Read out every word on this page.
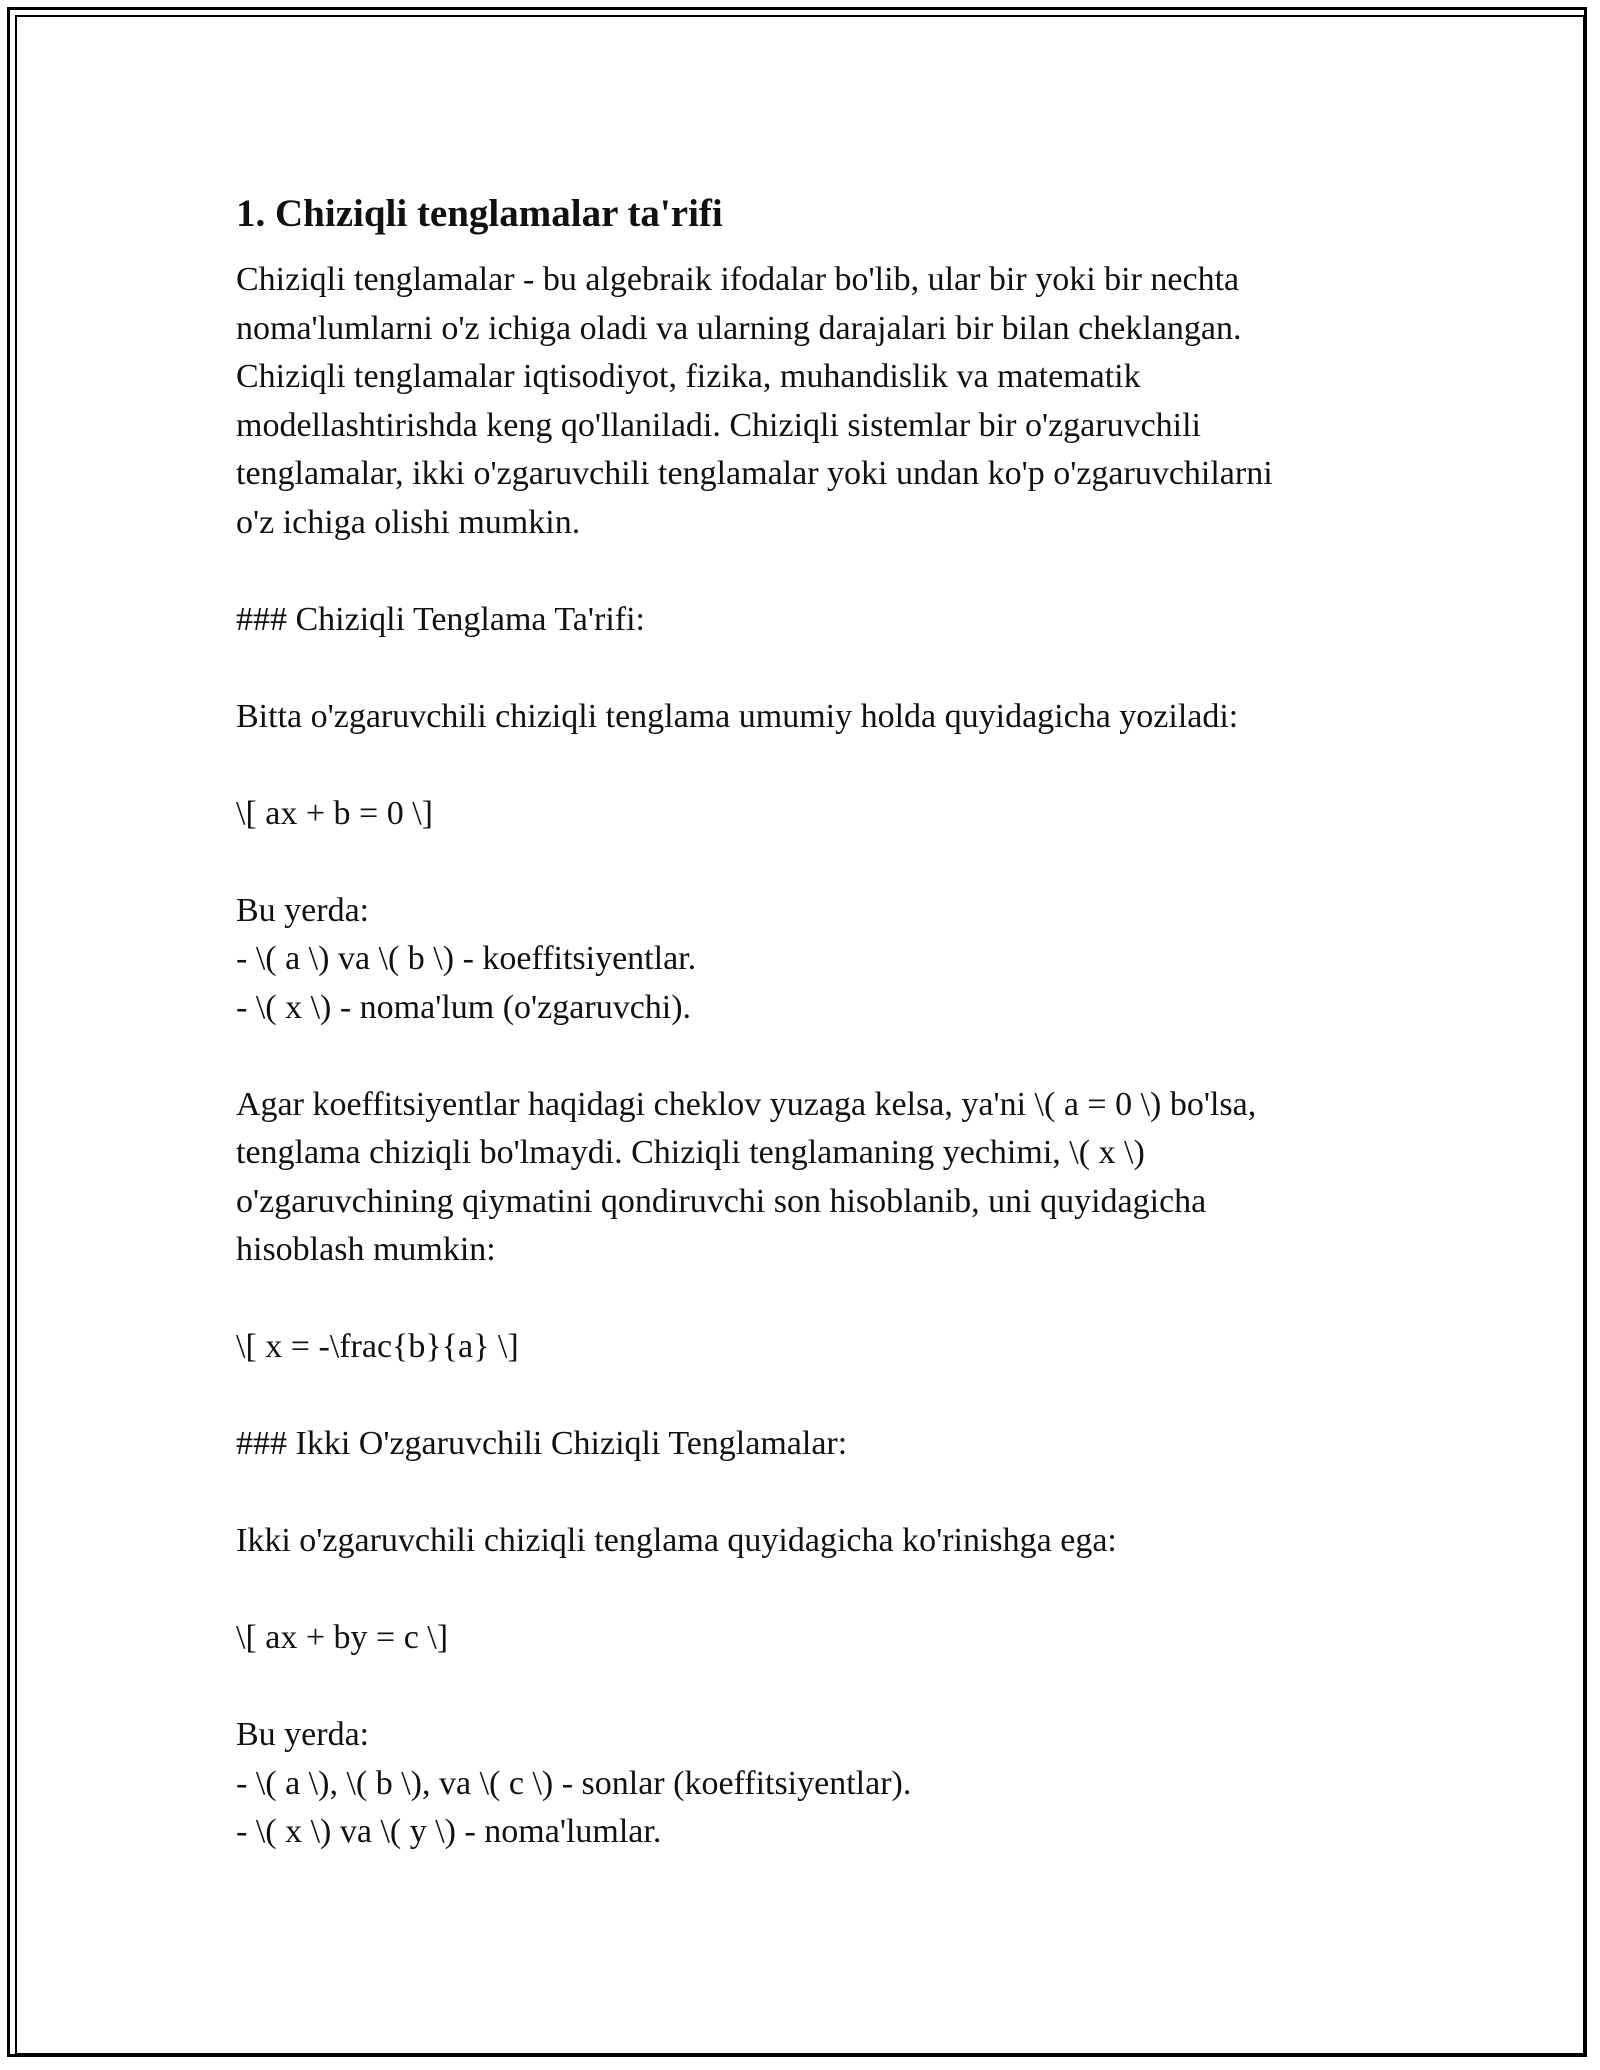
1. Chiziqli tenglamalar ta'rifi
Chiziqli tenglamalar - bu algebraik ifodalar bo'lib, ular bir yoki bir nechta
noma'lumlarni o'z ichiga oladi va ularning darajalari bir bilan cheklangan.
Chiziqli tenglamalar iqtisodiyot, fizika, muhandislik va matematik
modellashtirishda keng qo'llaniladi. Chiziqli sistemlar bir o'zgaruvchili
tenglamalar, ikki o'zgaruvchili tenglamalar yoki undan ko'p o'zgaruvchilarni
o'z ichiga olishi mumkin.
### Chiziqli Tenglama Ta'rifi:
Bitta o'zgaruvchili chiziqli tenglama umumiy holda quyidagicha yoziladi:
\[ ax + b = 0 \]
Bu yerda:
- \( a \) va \( b \) - koeffitsiyentlar.
- \( x \) - noma'lum (o'zgaruvchi).
Agar koeffitsiyentlar haqidagi cheklov yuzaga kelsa, ya'ni \( a = 0 \) bo'lsa,
tenglama chiziqli bo'lmaydi. Chiziqli tenglamaning yechimi, \( x \)
o'zgaruvchining qiymatini qondiruvchi son hisoblanib, uni quyidagicha
hisoblash mumkin:
\[ x = -\frac{b}{a} \]
### Ikki O'zgaruvchili Chiziqli Tenglamalar:
Ikki o'zgaruvchili chiziqli tenglama quyidagicha ko'rinishga ega:
\[ ax + by = c \]
Bu yerda:
- \( a \), \( b \), va \( c \) - sonlar (koeffitsiyentlar).
- \( x \) va \( y \) - noma'lumlar.
